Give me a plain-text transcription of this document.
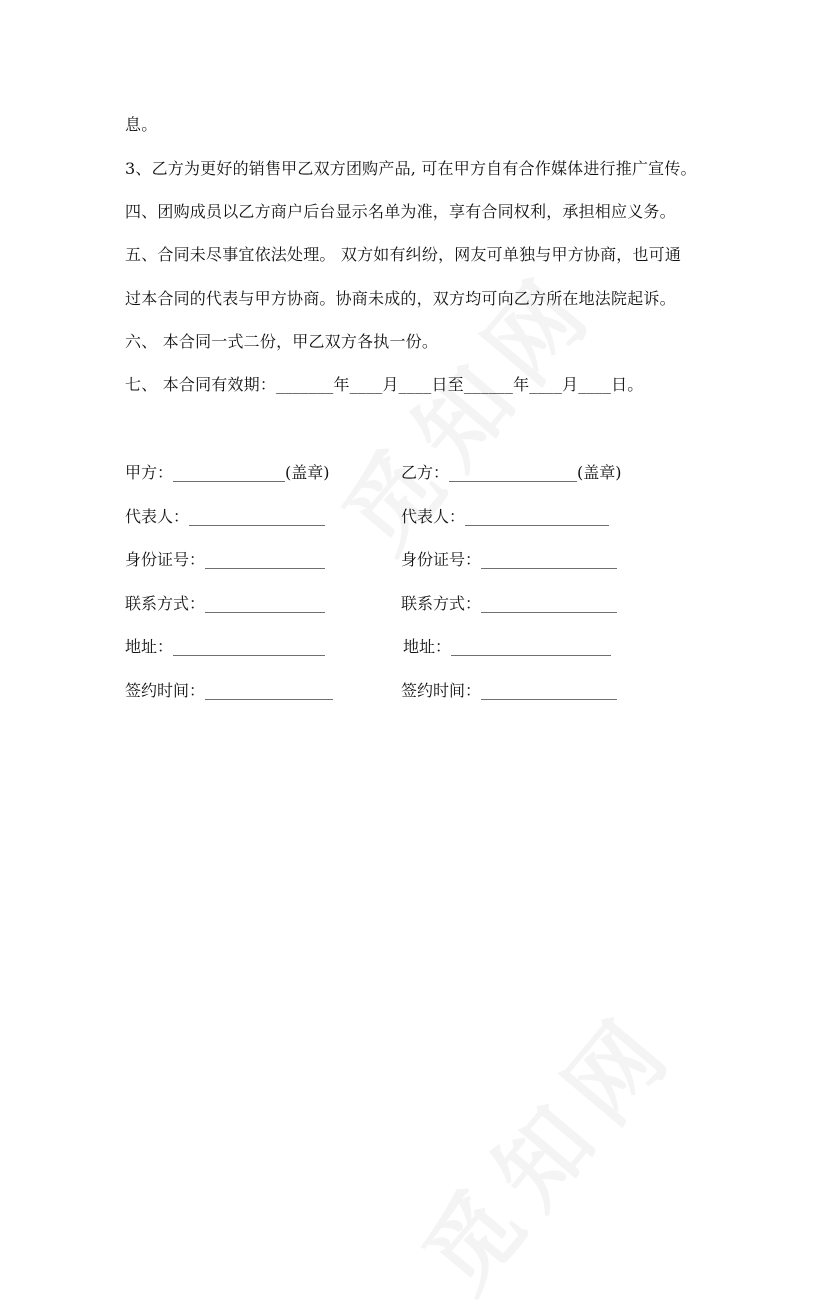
息。
3、乙方为更好的销售甲乙双方团购产品, 可在甲方自有合作媒体进行推广宣传。
四、团购成员以乙方商户后台显示名单为准，享有合同权利，承担相应义务。
五、合同未尽事宜依法处理。 双方如有纠纷，网友可单独与甲方协商，也可通
过本合同的代表与甲方协商。协商未成的，双方均可向乙方所在地法院起诉。
六、 本合同一式二份，甲乙双方各执一份。
七、 本合同有效期：_______年____月____日至______年____月____日。
甲方：______________(盖章)
代表人：_________________
身份证号：_______________
联系方式：_______________
地址：___________________
签约时间：________________
乙方：________________(盖章)
代表人：__________________
身份证号：_________________
联系方式：_________________
地址：____________________
签约时间：_________________
